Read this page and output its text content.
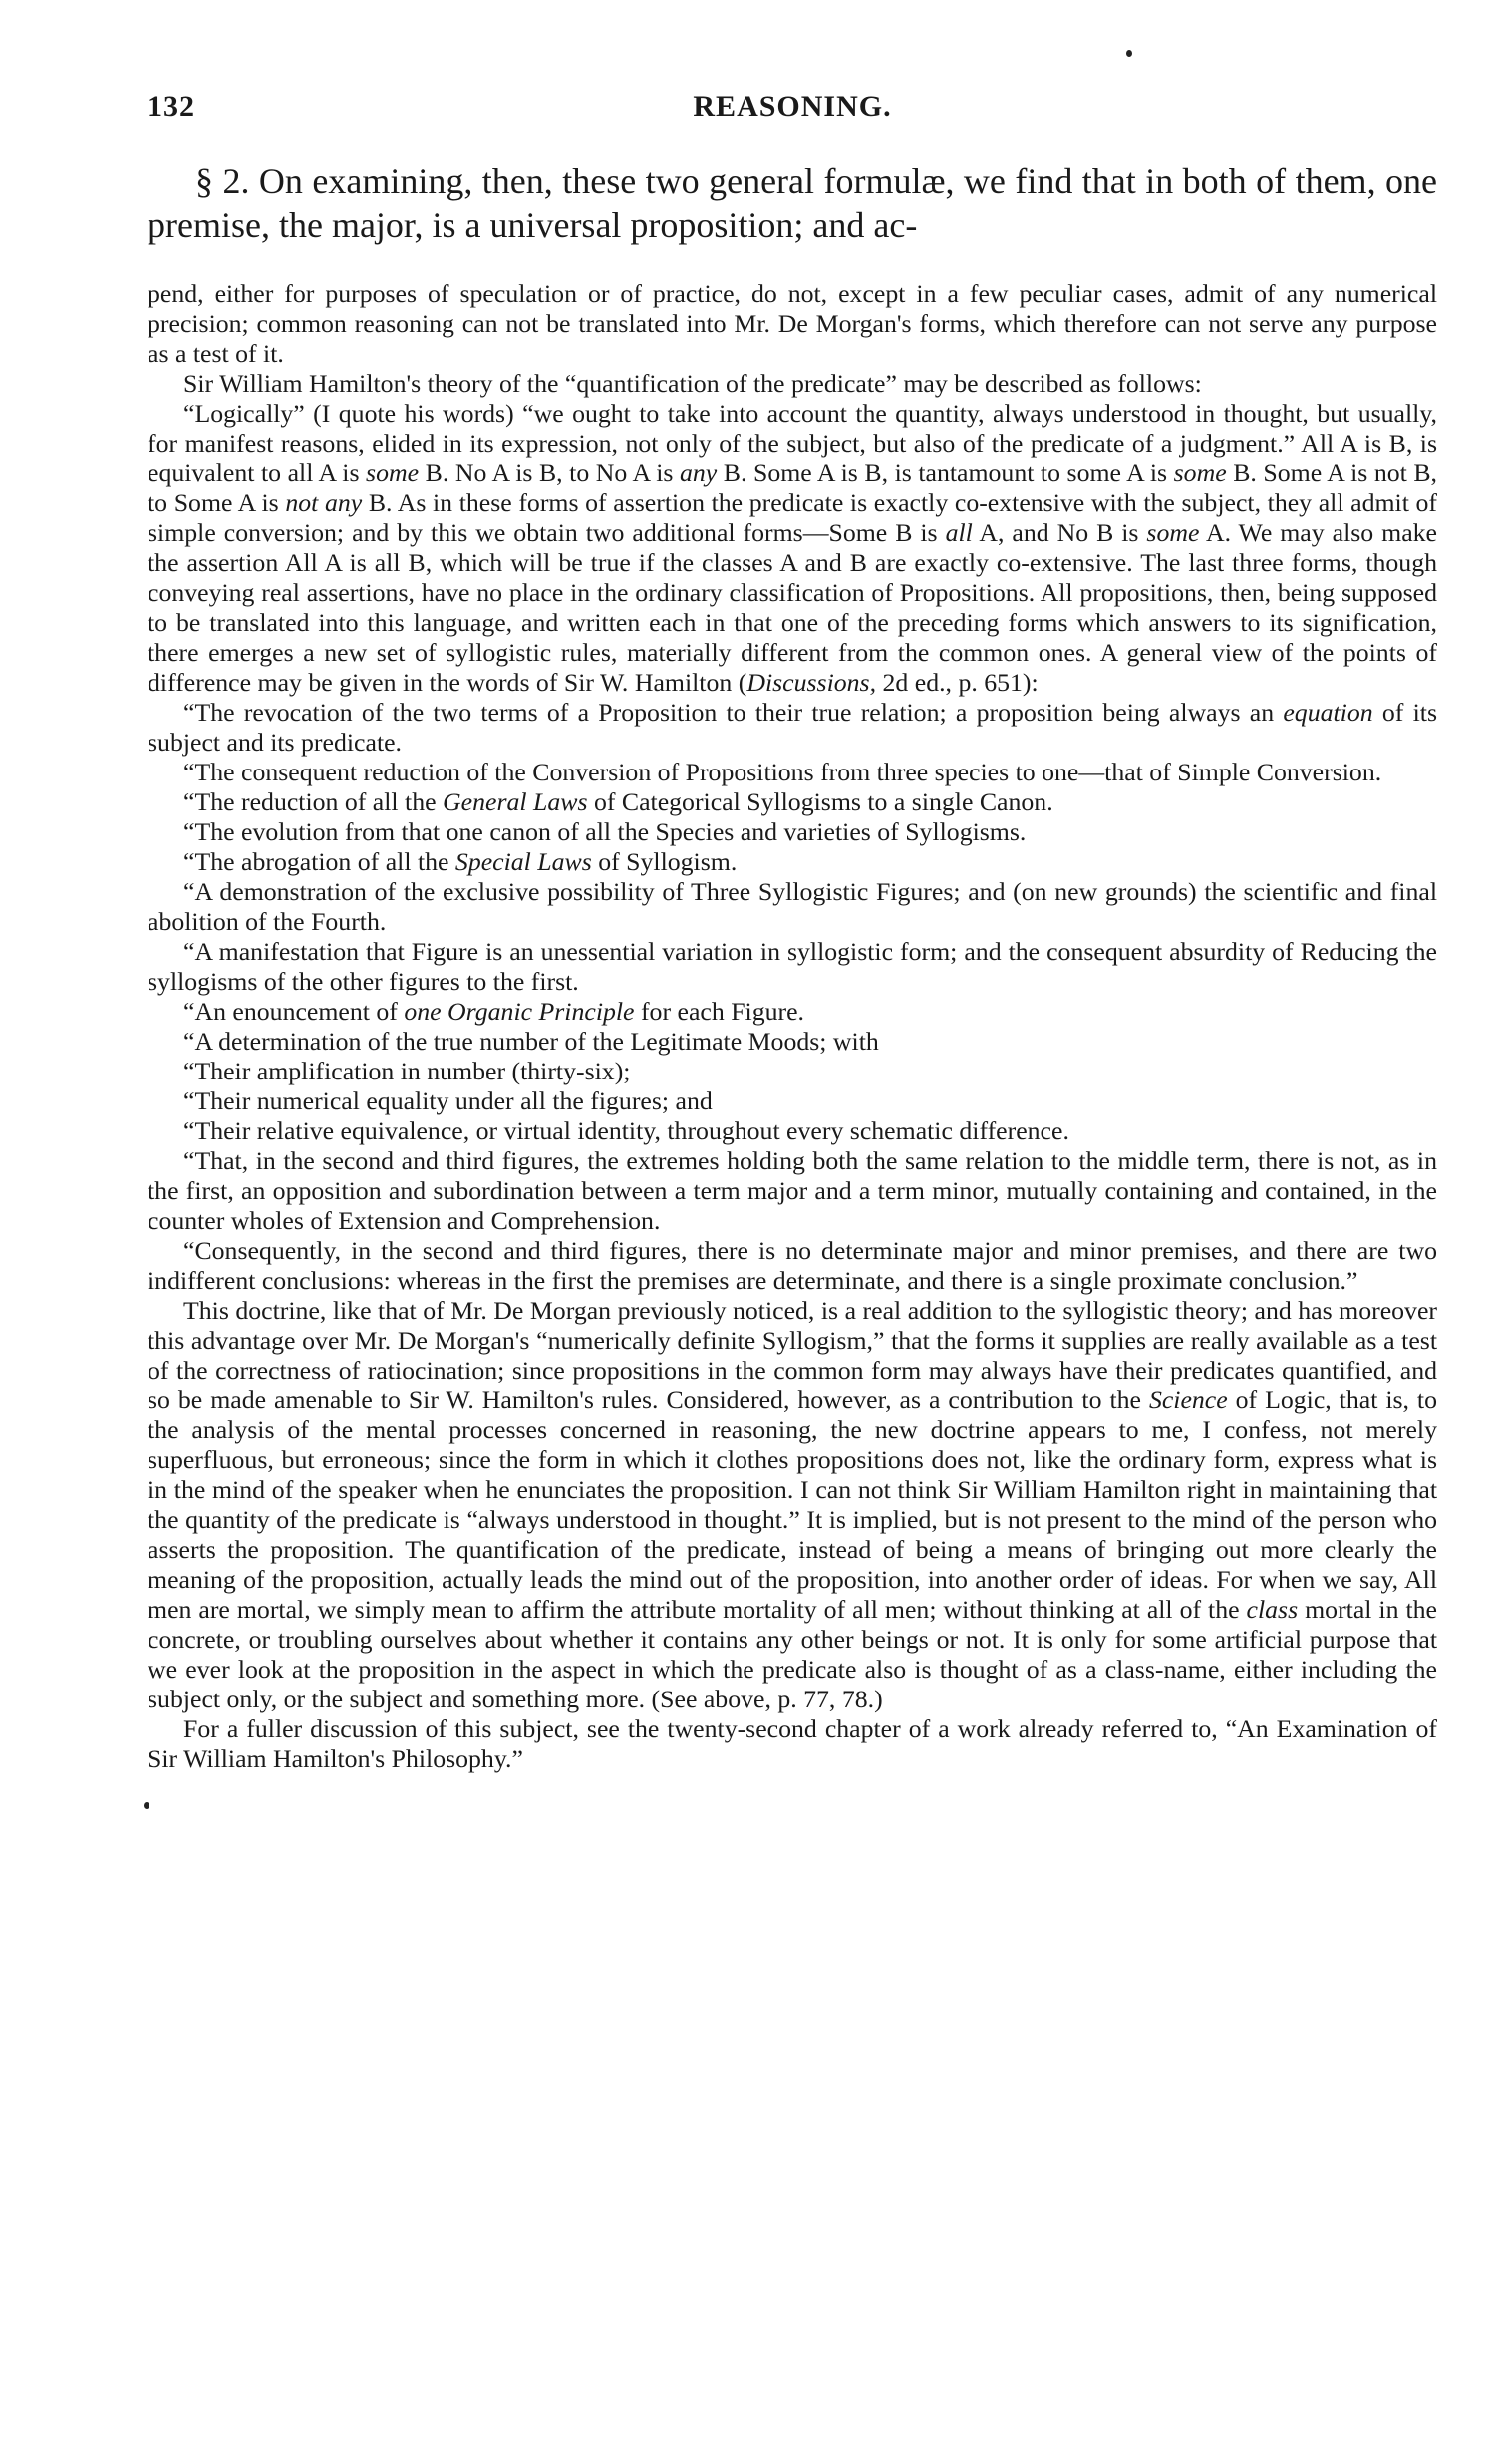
132	REASONING.

§ 2. On examining, then, these two general formulæ, we find that in both of them, one premise, the major, is a universal proposition; and ac-

pend, either for purposes of speculation or of practice, do not, except in a few peculiar cases, admit of any numerical precision; common reasoning can not be translated into Mr. De Morgan's forms, which therefore can not serve any purpose as a test of it.

Sir William Hamilton's theory of the “quantification of the predicate” may be described as follows:

“Logically” (I quote his words) “we ought to take into account the quantity, always understood in thought, but usually, for manifest reasons, elided in its expression, not only of the subject, but also of the predicate of a judgment.” All A is B, is equivalent to all A is some B. No A is B, to No A is any B. Some A is B, is tantamount to some A is some B. Some A is not B, to Some A is not any B. As in these forms of assertion the predicate is exactly co-extensive with the subject, they all admit of simple conversion; and by this we obtain two additional forms—Some B is all A, and No B is some A. We may also make the assertion All A is all B, which will be true if the classes A and B are exactly co-extensive. The last three forms, though conveying real assertions, have no place in the ordinary classification of Propositions. All propositions, then, being supposed to be translated into this language, and written each in that one of the preceding forms which answers to its signification, there emerges a new set of syllogistic rules, materially different from the common ones. A general view of the points of difference may be given in the words of Sir W. Hamilton (Discussions, 2d ed., p. 651):

“The revocation of the two terms of a Proposition to their true relation; a proposition being always an equation of its subject and its predicate.

“The consequent reduction of the Conversion of Propositions from three species to one—that of Simple Conversion.

“The reduction of all the General Laws of Categorical Syllogisms to a single Canon.

“The evolution from that one canon of all the Species and varieties of Syllogisms.

“The abrogation of all the Special Laws of Syllogism.

“A demonstration of the exclusive possibility of Three Syllogistic Figures; and (on new grounds) the scientific and final abolition of the Fourth.

“A manifestation that Figure is an unessential variation in syllogistic form; and the consequent absurdity of Reducing the syllogisms of the other figures to the first.

“An enouncement of one Organic Principle for each Figure.

“A determination of the true number of the Legitimate Moods; with

“Their amplification in number (thirty-six);

“Their numerical equality under all the figures; and

“Their relative equivalence, or virtual identity, throughout every schematic difference.

“That, in the second and third figures, the extremes holding both the same relation to the middle term, there is not, as in the first, an opposition and subordination between a term major and a term minor, mutually containing and contained, in the counter wholes of Extension and Comprehension.

“Consequently, in the second and third figures, there is no determinate major and minor premises, and there are two indifferent conclusions: whereas in the first the premises are determinate, and there is a single proximate conclusion.”

This doctrine, like that of Mr. De Morgan previously noticed, is a real addition to the syllogistic theory; and has moreover this advantage over Mr. De Morgan's “numerically definite Syllogism,” that the forms it supplies are really available as a test of the correctness of ratiocination; since propositions in the common form may always have their predicates quantified, and so be made amenable to Sir W. Hamilton's rules. Considered, however, as a contribution to the Science of Logic, that is, to the analysis of the mental processes concerned in reasoning, the new doctrine appears to me, I confess, not merely superfluous, but erroneous; since the form in which it clothes propositions does not, like the ordinary form, express what is in the mind of the speaker when he enunciates the proposition. I can not think Sir William Hamilton right in maintaining that the quantity of the predicate is “always understood in thought.” It is implied, but is not present to the mind of the person who asserts the proposition. The quantification of the predicate, instead of being a means of bringing out more clearly the meaning of the proposition, actually leads the mind out of the proposition, into another order of ideas. For when we say, All men are mortal, we simply mean to affirm the attribute mortality of all men; without thinking at all of the class mortal in the concrete, or troubling ourselves about whether it contains any other beings or not. It is only for some artificial purpose that we ever look at the proposition in the aspect in which the predicate also is thought of as a class-name, either including the subject only, or the subject and something more. (See above, p. 77, 78.)

For a fuller discussion of this subject, see the twenty-second chapter of a work already referred to, “An Examination of Sir William Hamilton's Philosophy.”
